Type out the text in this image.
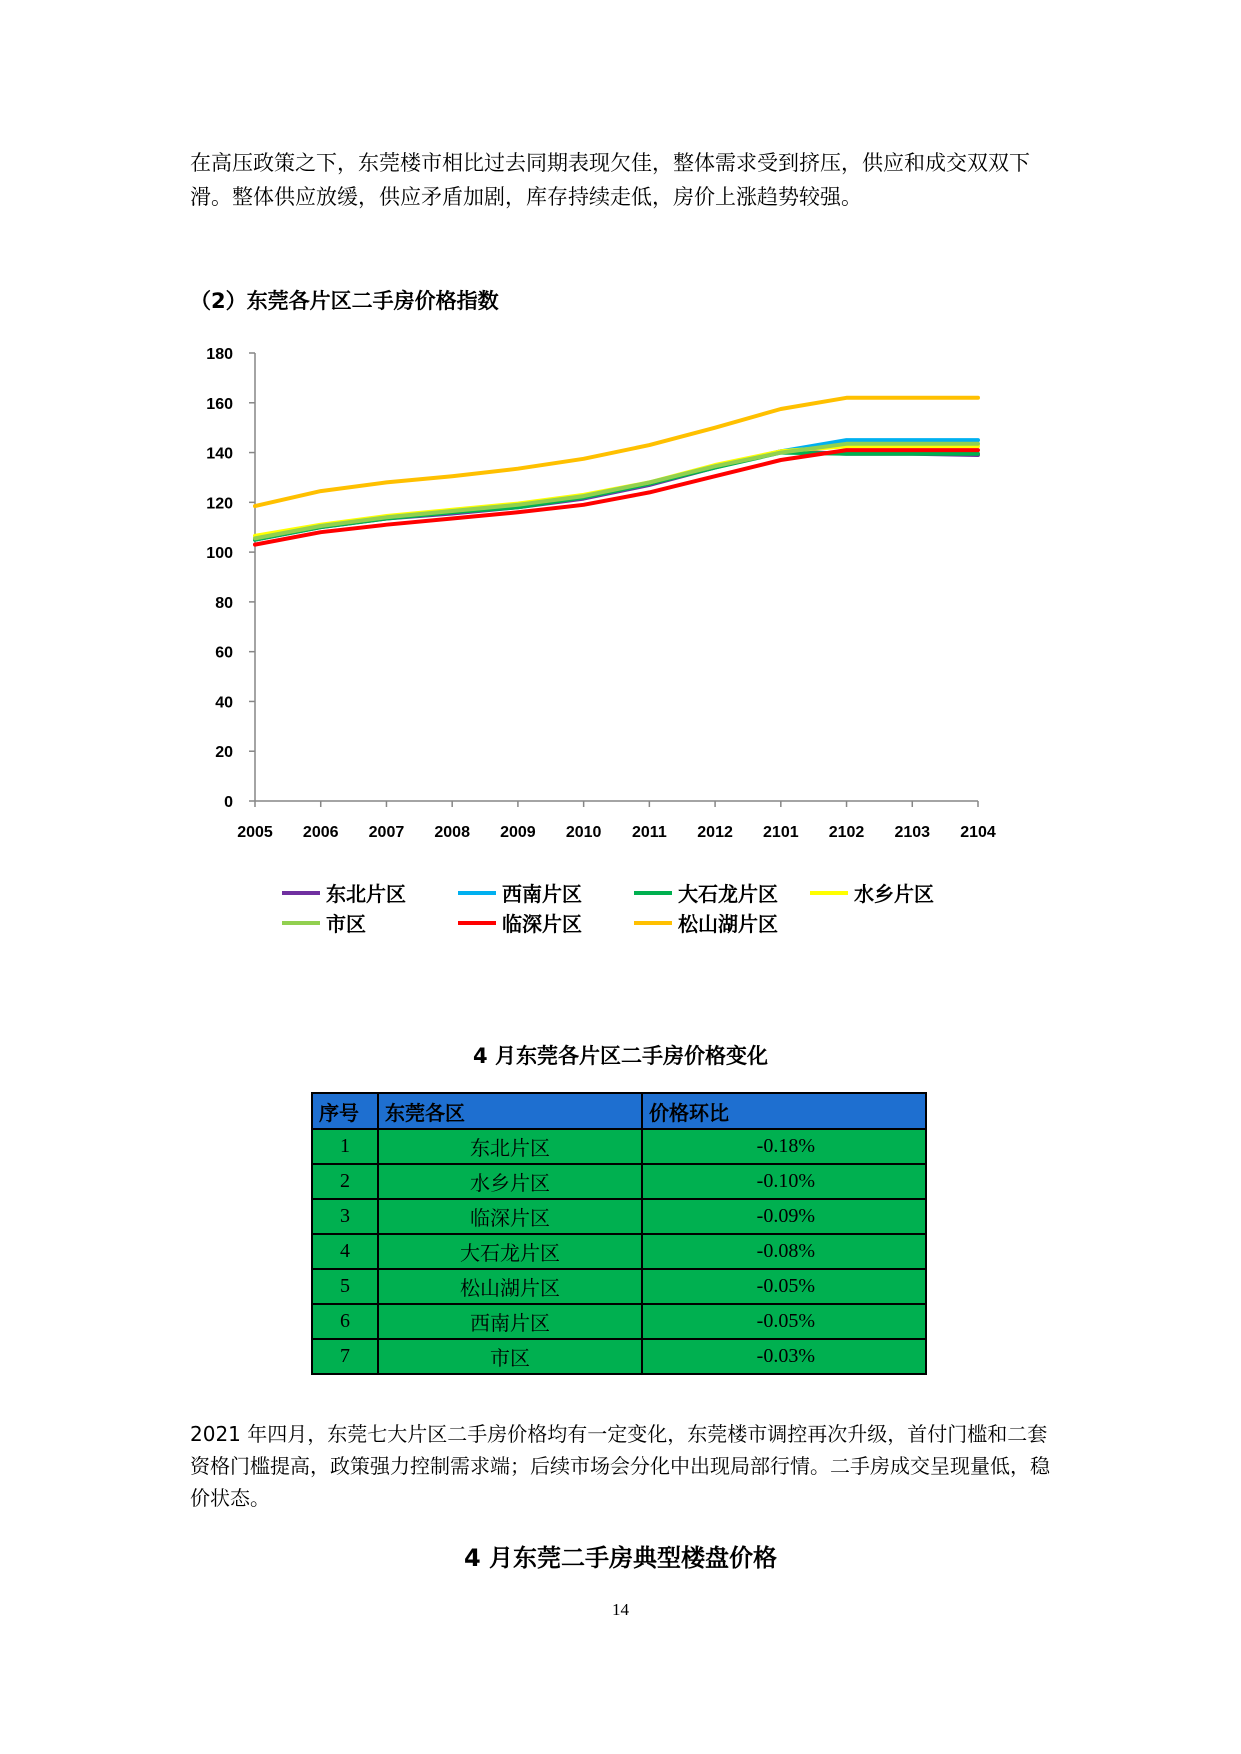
在高压政策之下，东莞楼市相比过去同期表现欠佳，整体需求受到挤压，供应和成交双双下滑。整体供应放缓，供应矛盾加剧，库存持续走低，房价上涨趋势较强。
（2）东莞各片区二手房价格指数
0
20
40
60
80
100
120
140
160
180
2005 2006 2007 2008 2009 2010 2011 2012 2101 2102 2103 2104
东北片区	西南片区	大石龙片区	水乡片区
市区	临深片区	松山湖片区
4 月东莞各片区二手房价格变化
序号	东莞各区	价格环比
1	东北片区	-0.18%
2	水乡片区	-0.10%
3	临深片区	-0.09%
4	大石龙片区	-0.08%
5	松山湖片区	-0.05%
6	西南片区	-0.05%
7	市区	-0.03%
2021 年四月，东莞七大片区二手房价格均有一定变化，东莞楼市调控再次升级，首付门槛和二套资格门槛提高，政策强力控制需求端；后续市场会分化中出现局部行情。二手房成交呈现量低，稳价状态。
4 月东莞二手房典型楼盘价格
14
